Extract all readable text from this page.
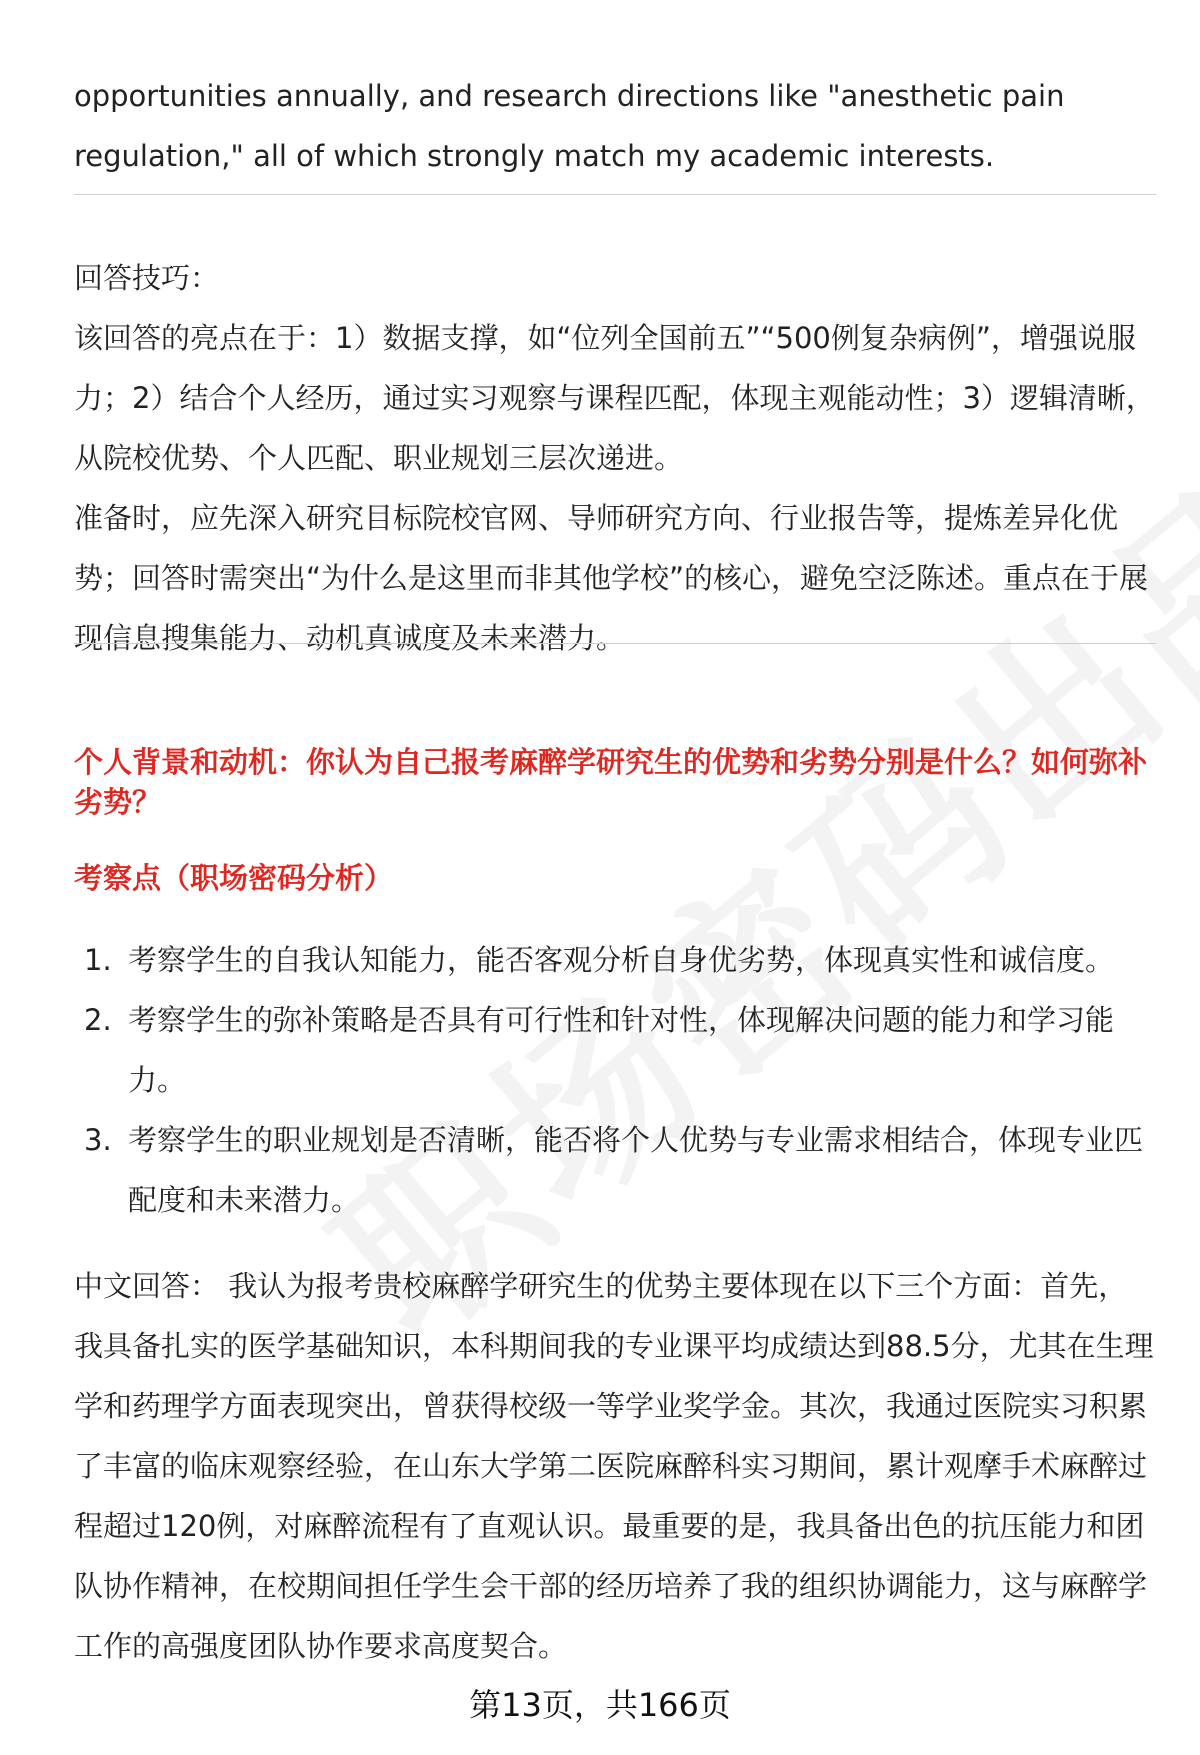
opportunities annually, and research directions like "anesthetic pain regulation," all of which strongly match my academic interests.

回答技巧：

该回答的亮点在于：1）数据支撑，如“位列全国前五”“500例复杂病例”，增强说服力；2）结合个人经历，通过实习观察与课程匹配，体现主观能动性；3）逻辑清晰，从院校优势、个人匹配、职业规划三层次递进。

准备时，应先深入研究目标院校官网、导师研究方向、行业报告等，提炼差异化优势；回答时需突出“为什么是这里而非其他学校”的核心，避免空泛陈述。重点在于展现信息搜集能力、动机真诚度及未来潜力。

个人背景和动机：你认为自己报考麻醉学研究生的优势和劣势分别是什么？如何弥补劣势？

考察点（职场密码分析）

1. 考察学生的自我认知能力，能否客观分析自身优劣势，体现真实性和诚信度。
2. 考察学生的弥补策略是否具有可行性和针对性，体现解决问题的能力和学习能力。
3. 考察学生的职业规划是否清晰，能否将个人优势与专业需求相结合，体现专业匹配度和未来潜力。

中文回答： 我认为报考贵校麻醉学研究生的优势主要体现在以下三个方面：首先，我具备扎实的医学基础知识，本科期间我的专业课平均成绩达到88.5分，尤其在生理学和药理学方面表现突出，曾获得校级一等学业奖学金。其次，我通过医院实习积累了丰富的临床观察经验，在山东大学第二医院麻醉科实习期间，累计观摩手术麻醉过程超过120例，对麻醉流程有了直观认识。最重要的是，我具备出色的抗压能力和团队协作精神，在校期间担任学生会干部的经历培养了我的组织协调能力，这与麻醉学工作的高强度团队协作要求高度契合。

第13页，共166页
